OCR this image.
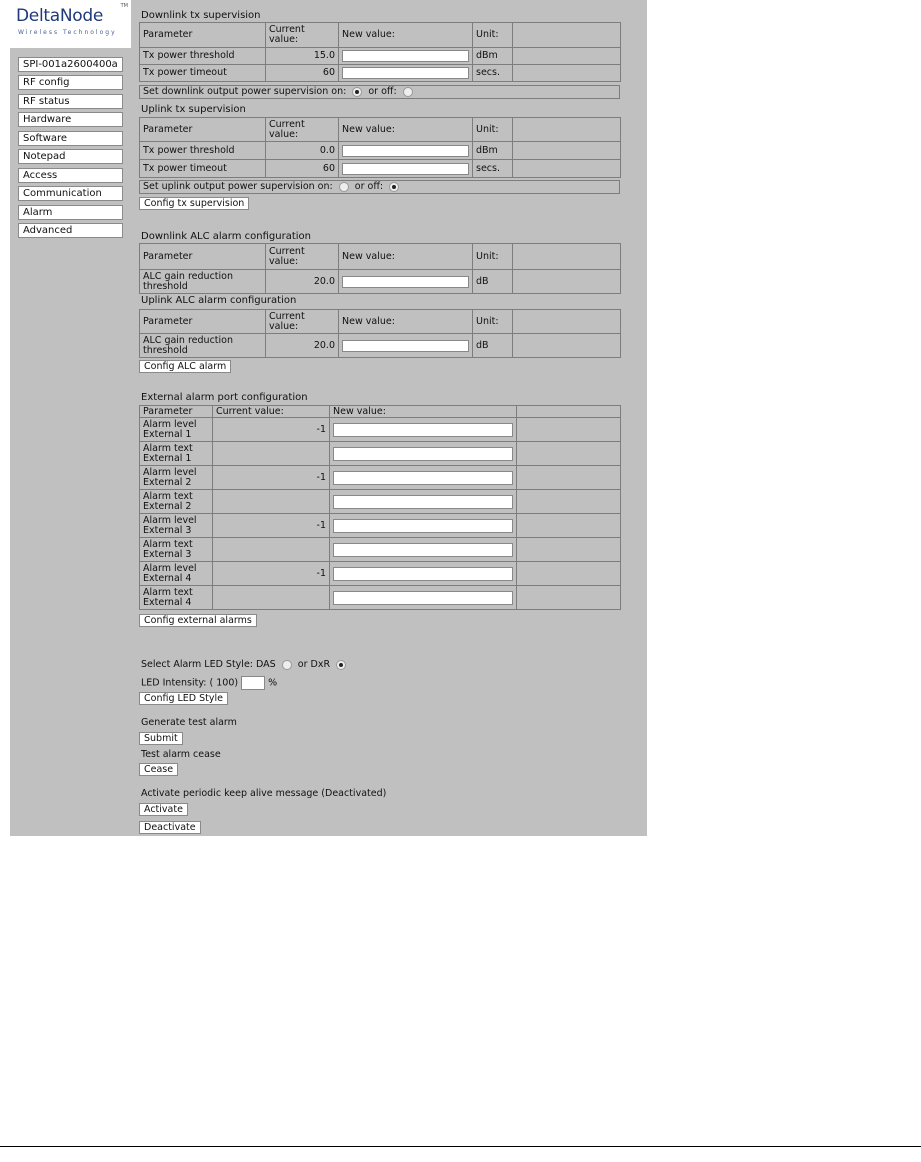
DeltaNode	TM
Wireless Technology
SPI-001a2600400a
RF config
RF status
Hardware
Software
Notepad
Access
Communication
Alarm
Advanced
Downlink tx supervision
Parameter	Current value:	New value:	Unit:	
Tx power threshold	15.0		dBm	
Tx power timeout	60		secs.	
Set downlink output power supervision on: or off:
Uplink tx supervision
Parameter	Current value:	New value:	Unit:	
Tx power threshold	0.0		dBm	
Tx power timeout	60		secs.	
Set uplink output power supervision on: or off:
Config tx supervision
Downlink ALC alarm configuration
Parameter	Current value:	New value:	Unit:	
ALC gain reduction threshold	20.0		dB	
Uplink ALC alarm configuration
Parameter	Current value:	New value:	Unit:	
ALC gain reduction threshold	20.0		dB	
Config ALC alarm
External alarm port configuration
Parameter	Current value:	New value:	
Alarm level External 1	-1	

Alarm text External 1		

Alarm level External 2	-1	

Alarm text External 2		

Alarm level External 3	-1	

Alarm text External 3		

Alarm level External 4	-1	

Alarm text External 4		

Config external alarms
Select Alarm LED Style: DAS or DxR
LED Intensity: ( 100)	%
Config LED Style
Generate test alarm
Submit
Test alarm cease
Cease
Activate periodic keep alive message (Deactivated)
Activate
Deactivate
